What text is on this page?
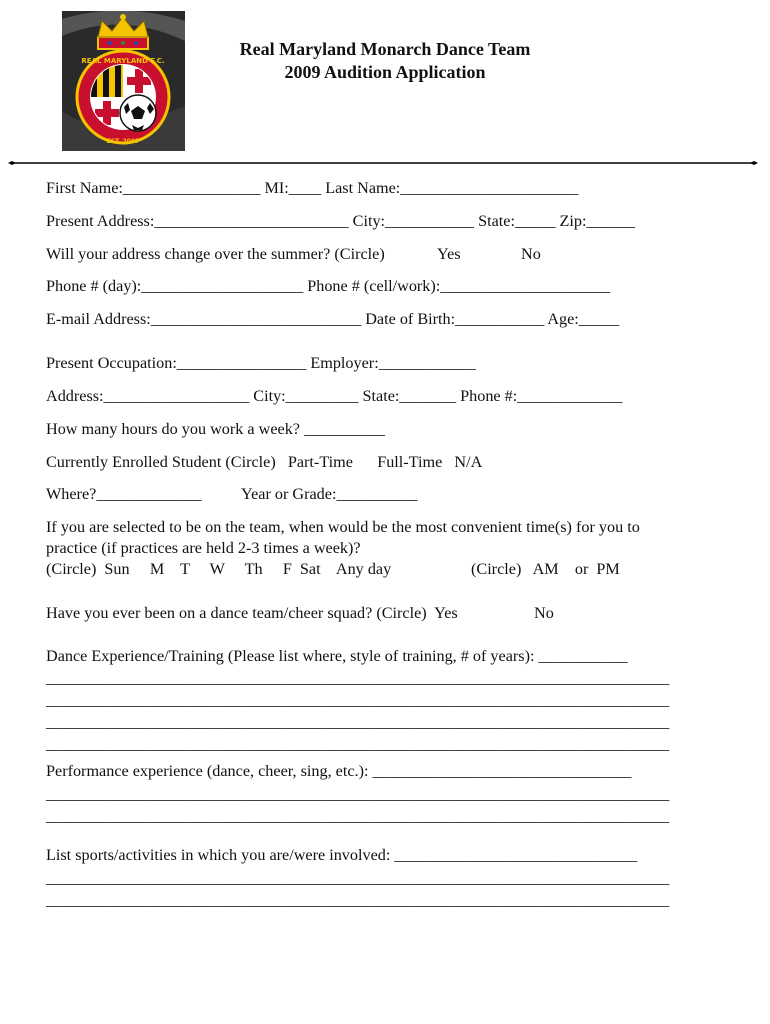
EST. 2007
REAL MARYLAND F.C.
Real Maryland Monarch Dance Team
2009 Audition Application

First Name:_________________ MI:____ Last Name:______________________

Present Address:________________________ City:___________ State:_____ Zip:______

Will your address change over the summer? (Circle)	Yes	No

Phone # (day):____________________ Phone # (cell/work):_____________________

E-mail Address:__________________________ Date of Birth:___________ Age:_____

Present Occupation:________________ Employer:____________

Address:__________________ City:_________ State:_______ Phone #:_____________

How many hours do you work a week? __________

Currently Enrolled Student (Circle)   Part-Time      Full-Time   N/A

Where?_____________ Year or Grade:__________

If you are selected to be on the team, when would be the most convenient time(s) for you to

practice (if practices are held 2-3 times a week)?

(Circle)  Sun     M    T     W     Th     F  Sat    Any day	(Circle)   AM    or  PM

Have you ever been on a dance team/cheer squad? (Circle)  Yes	No

Dance Experience/Training (Please list where, style of training, # of years): ___________

_____________________________________________________________________________

_____________________________________________________________________________

_____________________________________________________________________________

_____________________________________________________________________________

Performance experience (dance, cheer, sing, etc.): ________________________________

_____________________________________________________________________________

_____________________________________________________________________________

List sports/activities in which you are/were involved: ______________________________

_____________________________________________________________________________

_____________________________________________________________________________
